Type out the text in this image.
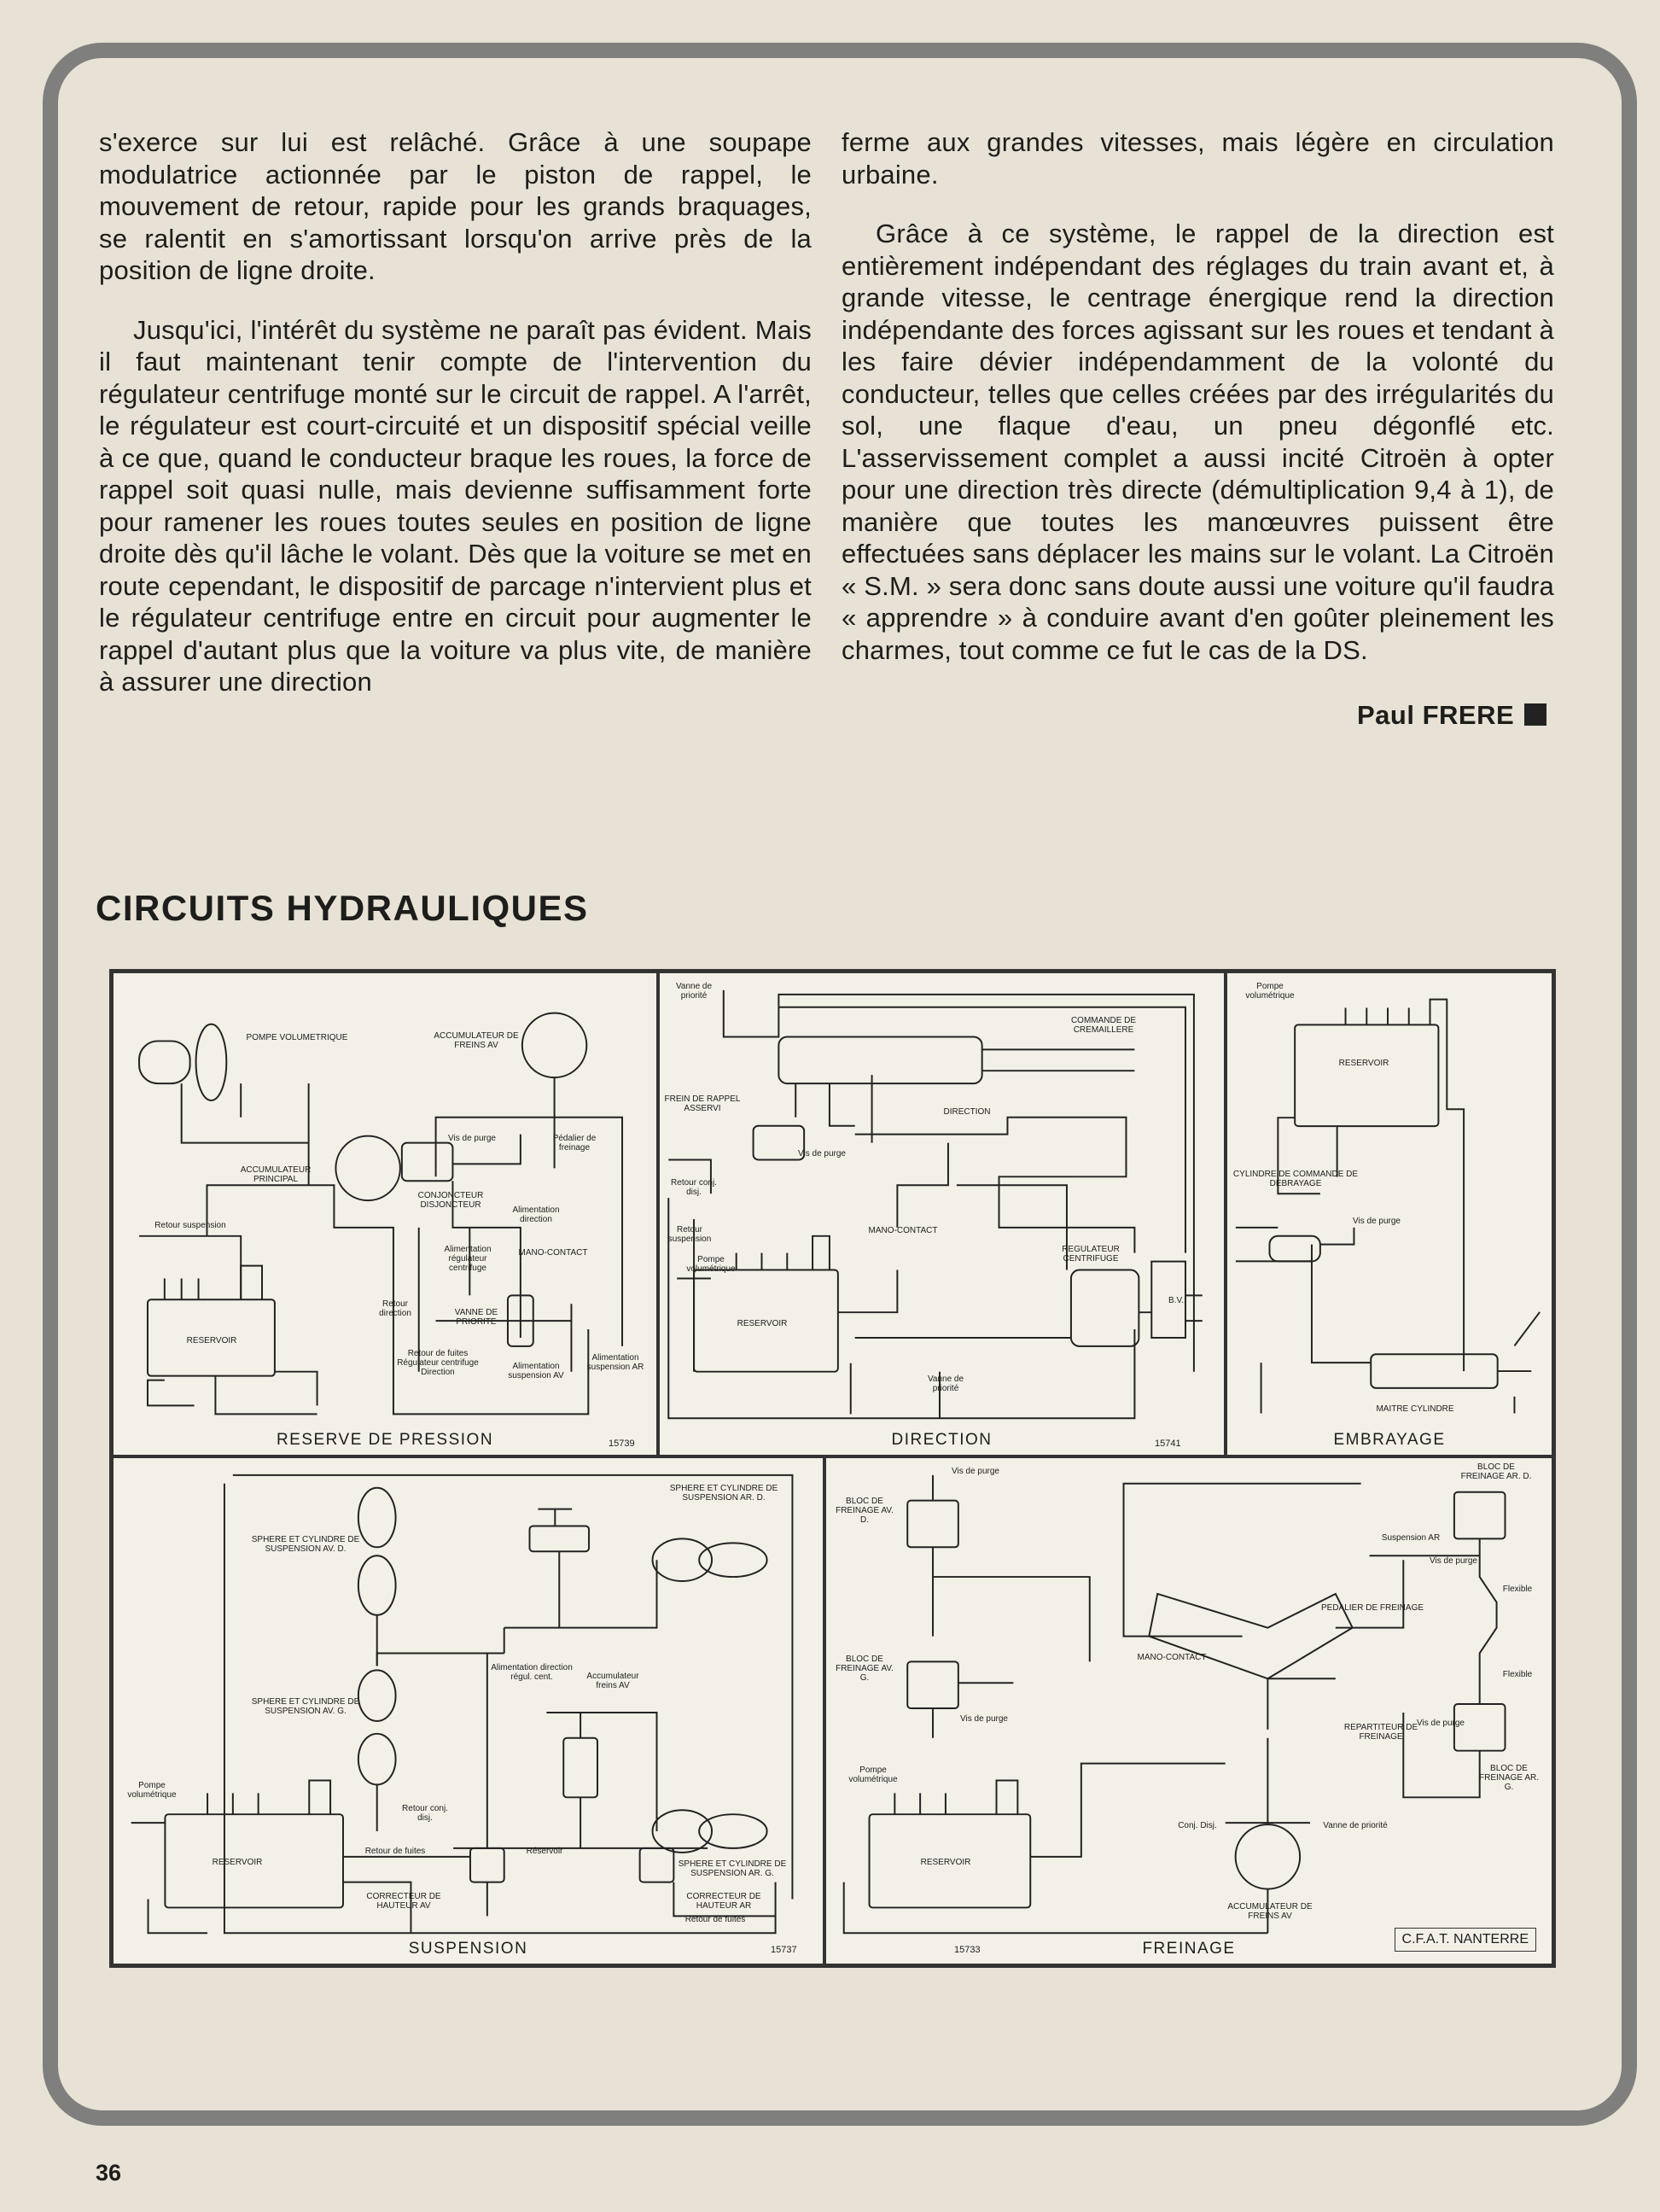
s'exerce sur lui est relâché. Grâce à une soupape modulatrice actionnée par le piston de rappel, le mouvement de retour, rapide pour les grands braquages, se ralentit en s'amortissant lorsqu'on arrive près de la position de ligne droite.

Jusqu'ici, l'intérêt du système ne paraît pas évident. Mais il faut maintenant tenir compte de l'intervention du régulateur centrifuge monté sur le circuit de rappel. A l'arrêt, le régulateur est court-circuité et un dispositif spécial veille à ce que, quand le conducteur braque les roues, la force de rappel soit quasi nulle, mais devienne suffisamment forte pour ramener les roues toutes seules en position de ligne droite dès qu'il lâche le volant. Dès que la voiture se met en route cependant, le dispositif de parcage n'intervient plus et le régulateur centrifuge entre en circuit pour augmenter le rappel d'autant plus que la voiture va plus vite, de manière à assurer une direction

ferme aux grandes vitesses, mais légère en circulation urbaine.

Grâce à ce système, le rappel de la direction est entièrement indépendant des réglages du train avant et, à grande vitesse, le centrage énergique rend la direction indépendante des forces agissant sur les roues et tendant à les faire dévier indépendamment de la volonté du conducteur, telles que celles créées par des irrégularités du sol, une flaque d'eau, un pneu dégonflé etc. L'asservissement complet a aussi incité Citroën à opter pour une direction très directe (démultiplication 9,4 à 1), de manière que toutes les manœuvres puissent être effectuées sans déplacer les mains sur le volant. La Citroën « S.M. » sera donc sans doute aussi une voiture qu'il faudra « apprendre » à conduire avant d'en goûter pleinement les charmes, tout comme ce fut le cas de la DS.

Paul FRERE
CIRCUITS HYDRAULIQUES
POMPE VOLUMETRIQUE	ACCUMULATEUR DE FREINS AV
Vis de purge	Pédalier de freinage
ACCUMULATEUR PRINCIPAL
CONJONCTEUR DISJONCTEUR
Retour suspension
Alimentation direction
Alimentation régulateur centrifuge
MANO-CONTACT
Retour direction	VANNE DE PRIORITE
RESERVOIR
Retour de fuites Régulateur centrifuge Direction
Alimentation suspension AV
Alimentation suspension AR
15739
RESERVE DE PRESSION
Vanne de priorité
COMMANDE DE CREMAILLERE
FREIN DE RAPPEL ASSERVI	DIRECTION
Vis de purge
Retour conj. disj.
Retour suspension
MANO-CONTACT
Pompe volumétrique
REGULATEUR CENTRIFUGE
B.V.
RESERVOIR
Vanne de priorité
15741
DIRECTION
Pompe volumétrique
RESERVOIR
CYLINDRE DE COMMANDE DE DEBRAYAGE
Vis de purge
MAITRE CYLINDRE
EMBRAYAGE
SPHERE ET CYLINDRE DE SUSPENSION AV. D.
SPHERE ET CYLINDRE DE SUSPENSION AR. D.
Alimentation direction régul. cent.	Accumulateur freins AV
SPHERE ET CYLINDRE DE SUSPENSION AV. G.
Pompe volumétrique
Retour conj. disj.
Retour de fuites	Réservoir
SPHERE ET CYLINDRE DE SUSPENSION AR. G.
RESERVOIR
CORRECTEUR DE HAUTEUR AV
CORRECTEUR DE HAUTEUR AR
Retour de fuites
15737
SUSPENSION
Vis de purge
BLOC DE FREINAGE AV. D.
BLOC DE FREINAGE AR. D.
Suspension AR
Vis de purge
Flexible
PEDALIER DE FREINAGE
MANO-CONTACT
BLOC DE FREINAGE AV. G.
Vis de purge
Flexible
REPARTITEUR DE FREINAGE
Vis de purge
BLOC DE FREINAGE AR. G.
Pompe volumétrique
RESERVOIR
Conj. Disj.	Vanne de priorité
ACCUMULATEUR DE FREINS AV
15733
C.F.A.T. NANTERRE
FREINAGE
36
